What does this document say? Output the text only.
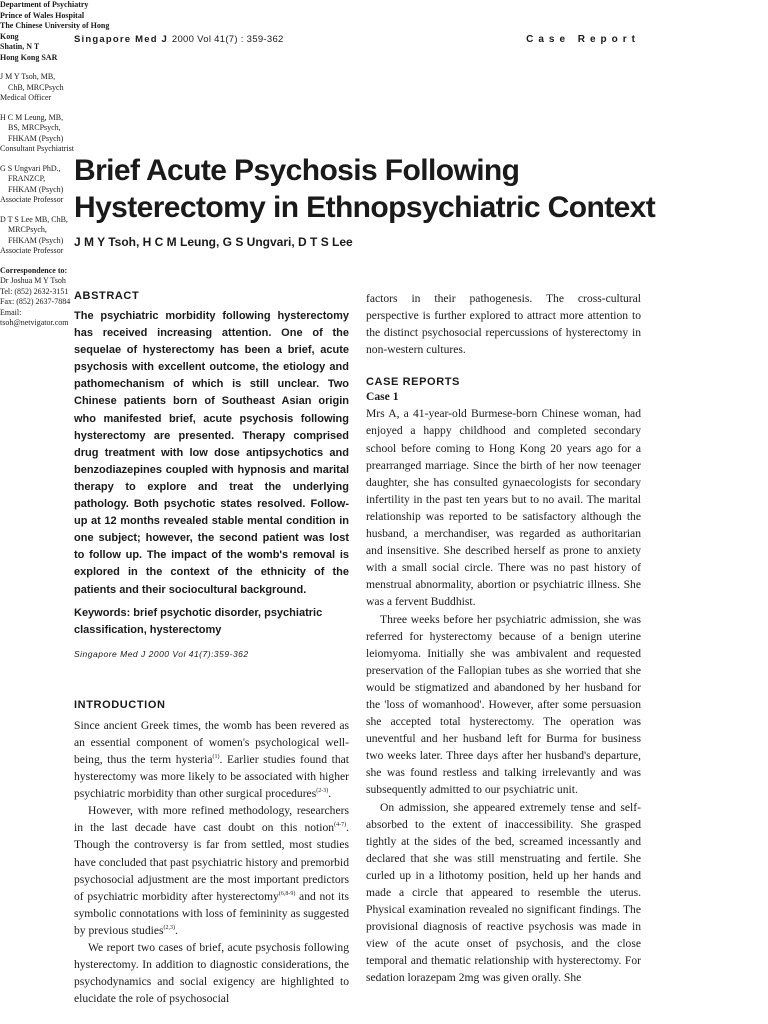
Singapore Med J 2000 Vol 41(7) : 359-362	Case Report
Brief Acute Psychosis Following
Hysterectomy in Ethnopsychiatric Context
J M Y Tsoh, H C M Leung, G S Ungvari, D T S Lee
ABSTRACT

The psychiatric morbidity following hysterectomy has received increasing attention. One of the sequelae of hysterectomy has been a brief, acute psychosis with excellent outcome, the etiology and pathomechanism of which is still unclear. Two Chinese patients born of Southeast Asian origin who manifested brief, acute psychosis following hysterectomy are presented. Therapy comprised drug treatment with low dose antipsychotics and benzodiazepines coupled with hypnosis and marital therapy to explore and treat the underlying pathology. Both psychotic states resolved. Follow-up at 12 months revealed stable mental condition in one subject; however, the second patient was lost to follow up. The impact of the womb's removal is explored in the context of the ethnicity of the patients and their sociocultural background.

Keywords: brief psychotic disorder, psychiatric classification, hysterectomy

Singapore Med J 2000 Vol 41(7):359-362

INTRODUCTION

Since ancient Greek times, the womb has been revered as an essential component of women's psychological well-being, thus the term hysteria$^{(1)}$. Earlier studies found that hysterectomy was more likely to be associated with higher psychiatric morbidity than other surgical procedures$^{(2-3)}$.

However, with more refined methodology, researchers in the last decade have cast doubt on this notion$^{(4-7)}$. Though the controversy is far from settled, most studies have concluded that past psychiatric history and premorbid psychosocial adjustment are the most important predictors of psychiatric morbidity after hysterectomy$^{(6,8-9)}$ and not its symbolic connotations with loss of femininity as suggested by previous studies$^{(2,3)}$.

We report two cases of brief, acute psychosis following hysterectomy. In addition to diagnostic considerations, the psychodynamics and social exigency are highlighted to elucidate the role of psychosocial

factors in their pathogenesis. The cross-cultural perspective is further explored to attract more attention to the distinct psychosocial repercussions of hysterectomy in non-western cultures.

CASE REPORTS
Case 1

Mrs A, a 41-year-old Burmese-born Chinese woman, had enjoyed a happy childhood and completed secondary school before coming to Hong Kong 20 years ago for a prearranged marriage. Since the birth of her now teenager daughter, she has consulted gynaecologists for secondary infertility in the past ten years but to no avail. The marital relationship was reported to be satisfactory although the husband, a merchandiser, was regarded as authoritarian and insensitive. She described herself as prone to anxiety with a small social circle. There was no past history of menstrual abnormality, abortion or psychiatric illness. She was a fervent Buddhist.

Three weeks before her psychiatric admission, she was referred for hysterectomy because of a benign uterine leiomyoma. Initially she was ambivalent and requested preservation of the Fallopian tubes as she worried that she would be stigmatized and abandoned by her husband for the 'loss of womanhood'. However, after some persuasion she accepted total hysterectomy. The operation was uneventful and her husband left for Burma for business two weeks later. Three days after her husband's departure, she was found restless and talking irrelevantly and was subsequently admitted to our psychiatric unit.

On admission, she appeared extremely tense and self-absorbed to the extent of inaccessibility. She grasped tightly at the sides of the bed, screamed incessantly and declared that she was still menstruating and fertile. She curled up in a lithotomy position, held up her hands and made a circle that appeared to resemble the uterus. Physical examination revealed no significant findings. The provisional diagnosis of reactive psychosis was made in view of the acute onset of psychosis, and the close temporal and thematic relationship with hysterectomy. For sedation lorazepam 2mg was given orally. She

Department of Psychiatry

Prince of Wales Hospital

The Chinese University of Hong Kong

Shatin, N T

Hong Kong SAR

J M Y Tsoh, MB,

ChB, MRCPsych

Medical Officer

H C M Leung, MB,

BS, MRCPsych,

FHKAM (Psych)

Consultant Psychiatrist

G S Ungvari PhD.,

FRANZCP,

FHKAM (Psych)

Associate Professor

D T S Lee MB, ChB,

MRCPsych,

FHKAM (Psych)

Associate Professor

Correspondence to:

Dr Joshua M Y Tsoh

Tel: (852) 2632-3151

Fax: (852) 2637-7884

Email:

tsoh@netvigator.com
